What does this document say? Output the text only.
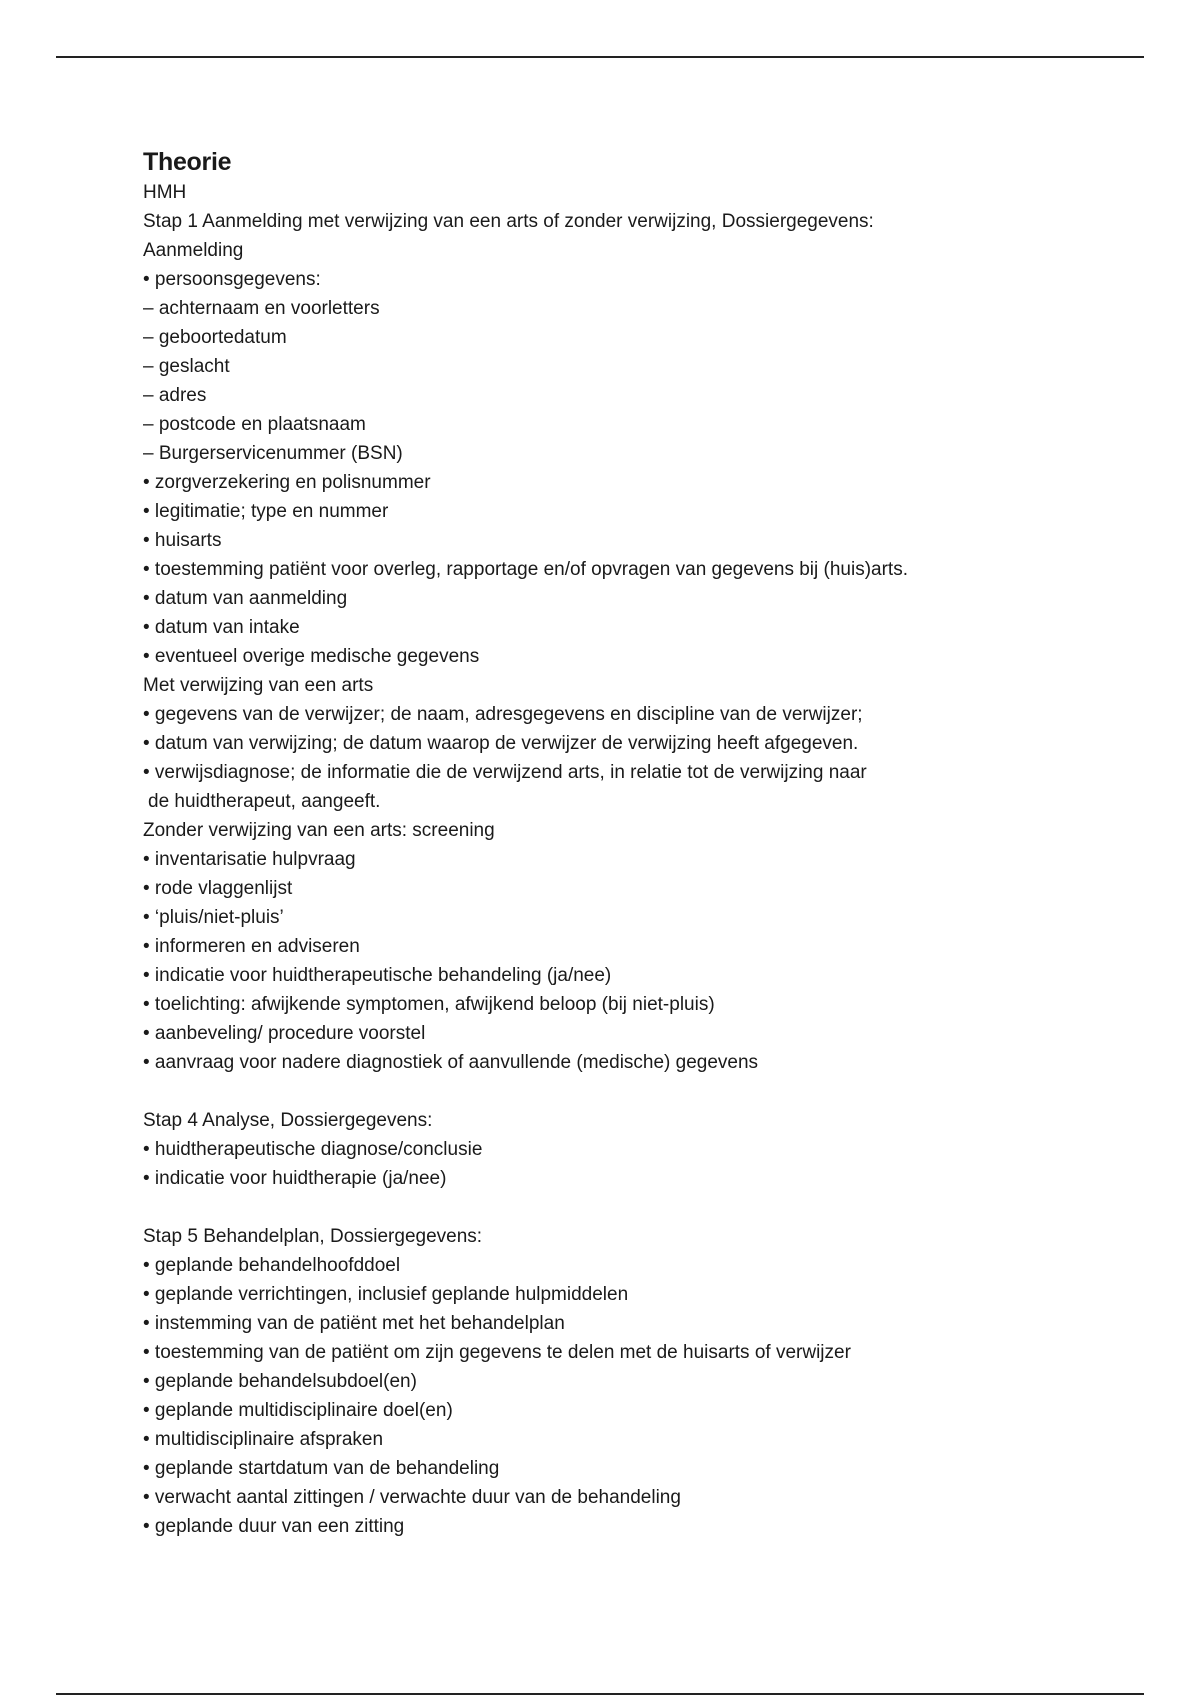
Theorie
HMH
Stap 1 Aanmelding met verwijzing van een arts of zonder verwijzing, Dossiergegevens:
Aanmelding
• persoonsgegevens:
– achternaam en voorletters
– geboortedatum
– geslacht
– adres
– postcode en plaatsnaam
– Burgerservicenummer (BSN)
• zorgverzekering en polisnummer
• legitimatie; type en nummer
• huisarts
• toestemming patiënt voor overleg, rapportage en/of opvragen van gegevens bij (huis)arts.
• datum van aanmelding
• datum van intake
• eventueel overige medische gegevens
Met verwijzing van een arts
• gegevens van de verwijzer; de naam, adresgegevens en discipline van de verwijzer;
• datum van verwijzing; de datum waarop de verwijzer de verwijzing heeft afgegeven.
• verwijsdiagnose; de informatie die de verwijzend arts, in relatie tot de verwijzing naar
de huidtherapeut, aangeeft.
Zonder verwijzing van een arts: screening
• inventarisatie hulpvraag
• rode vlaggenlijst
• ‘pluis/niet-pluis’
• informeren en adviseren
• indicatie voor huidtherapeutische behandeling (ja/nee)
• toelichting: afwijkende symptomen, afwijkend beloop (bij niet-pluis)
• aanbeveling/ procedure voorstel
• aanvraag voor nadere diagnostiek of aanvullende (medische) gegevens
Stap 4 Analyse, Dossiergegevens:
• huidtherapeutische diagnose/conclusie
• indicatie voor huidtherapie (ja/nee)
Stap 5 Behandelplan, Dossiergegevens:
• geplande behandelhoofddoel
• geplande verrichtingen, inclusief geplande hulpmiddelen
• instemming van de patiënt met het behandelplan
• toestemming van de patiënt om zijn gegevens te delen met de huisarts of verwijzer
• geplande behandelsubdoel(en)
• geplande multidisciplinaire doel(en)
• multidisciplinaire afspraken
• geplande startdatum van de behandeling
• verwacht aantal zittingen / verwachte duur van de behandeling
• geplande duur van een zitting
